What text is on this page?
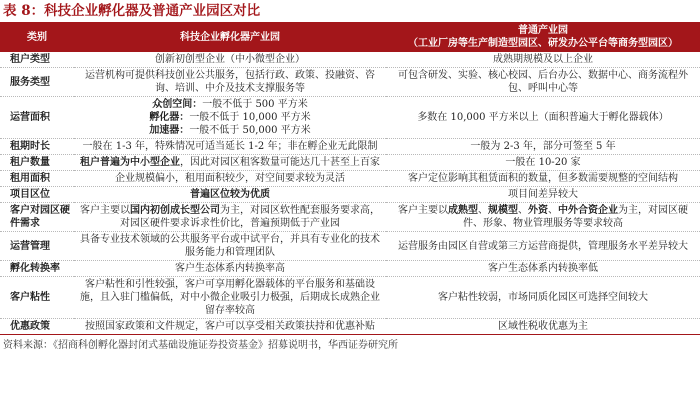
表 8：科技企业孵化器及普通产业园区对比
类别	科技企业孵化器产业园	普通产业园
（工业厂房等生产制造型园区、研发办公平台等商务型园区）

租户类型	创新初创型企业（中小微型企业）	成熟期规模及以上企业
服务类型	运营机构可提供科技创业公共服务，包括行政、政策、投融资、咨询、培训、中介及技术支撑服务等	可包含研发、实验、核心校园、后台办公、数据中心、商务流程外包、呼叫中心等
运营面积	众创空间：一般不低于 500 平方米
孵化器：一般不低于 10,000 平方米
加速器：一般不低于 50,000 平方米	多数在 10,000 平方米以上（面积普遍大于孵化器载体）
租期时长	一般在 1-3 年，特殊情况可适当延长 1-2 年；非在孵企业无此限制	一般为 2-3 年，部分可签至 5 年
租户数量	租户普遍为中小型企业，因此对园区租客数量可能达几十甚至上百家	一般在 10-20 家
租用面积	企业规模偏小，租用面积较少，对空间要求较为灵活	客户定位影响其租赁面积的数量，但多数需要规整的空间结构
项目区位	普遍区位较为优质	项目间差异较大
客户对园区硬件需求	客户主要以国内初创成长型公司为主，对园区软性配套服务要求高，对园区硬件要求诉求性价比，普遍预期低于产业园	客户主要以成熟型、规模型、外资、中外合资企业为主，对园区硬件、形象、物业管理服务等要求较高
运营管理	具备专业技术领域的公共服务平台或中试平台，并具有专业化的技术服务能力和管理团队	运营服务由园区自营或第三方运营商提供，管理服务水平差异较大
孵化转换率	客户生态体系内转换率高	客户生态体系内转换率低
客户粘性	客户粘性和引性较强，客户可享用孵化器载体的平台服务和基础设施，且入驻门槛偏低，对中小微企业吸引力极强，后期成长成熟企业留存率较高	客户粘性较弱，市场同质化园区可选择空间较大
优惠政策	按照国家政策和文件规定，客户可以享受相关政策扶持和优惠补贴	区域性税收优惠为主
资料来源：《招商科创孵化器封闭式基础设施证券投资基金》招募说明书，华西证券研究所
